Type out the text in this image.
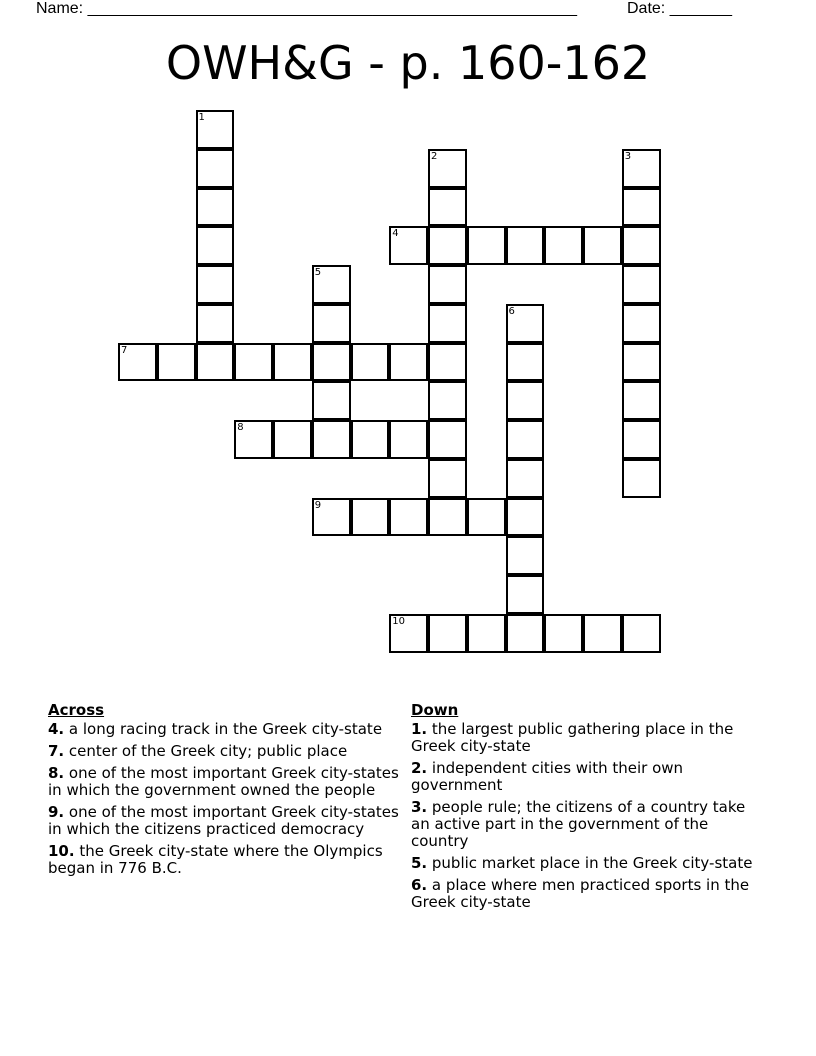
Name: _______________________________________________________	Date: _______
OWH&G - p. 160-162
1
2	3
4
5
6
7
8
9
10
Across
4. a long racing track in the Greek city-state
7. center of the Greek city; public place
8. one of the most important Greek city-states in which the government owned the people
9. one of the most important Greek city-states in which the citizens practiced democracy
10. the Greek city-state where the Olympics began in 776 B.C.
Down
1. the largest public gathering place in the Greek city-state
2. independent cities with their own government
3. people rule; the citizens of a country take an active part in the government of the country
5. public market place in the Greek city-state
6. a place where men practiced sports in the Greek city-state
